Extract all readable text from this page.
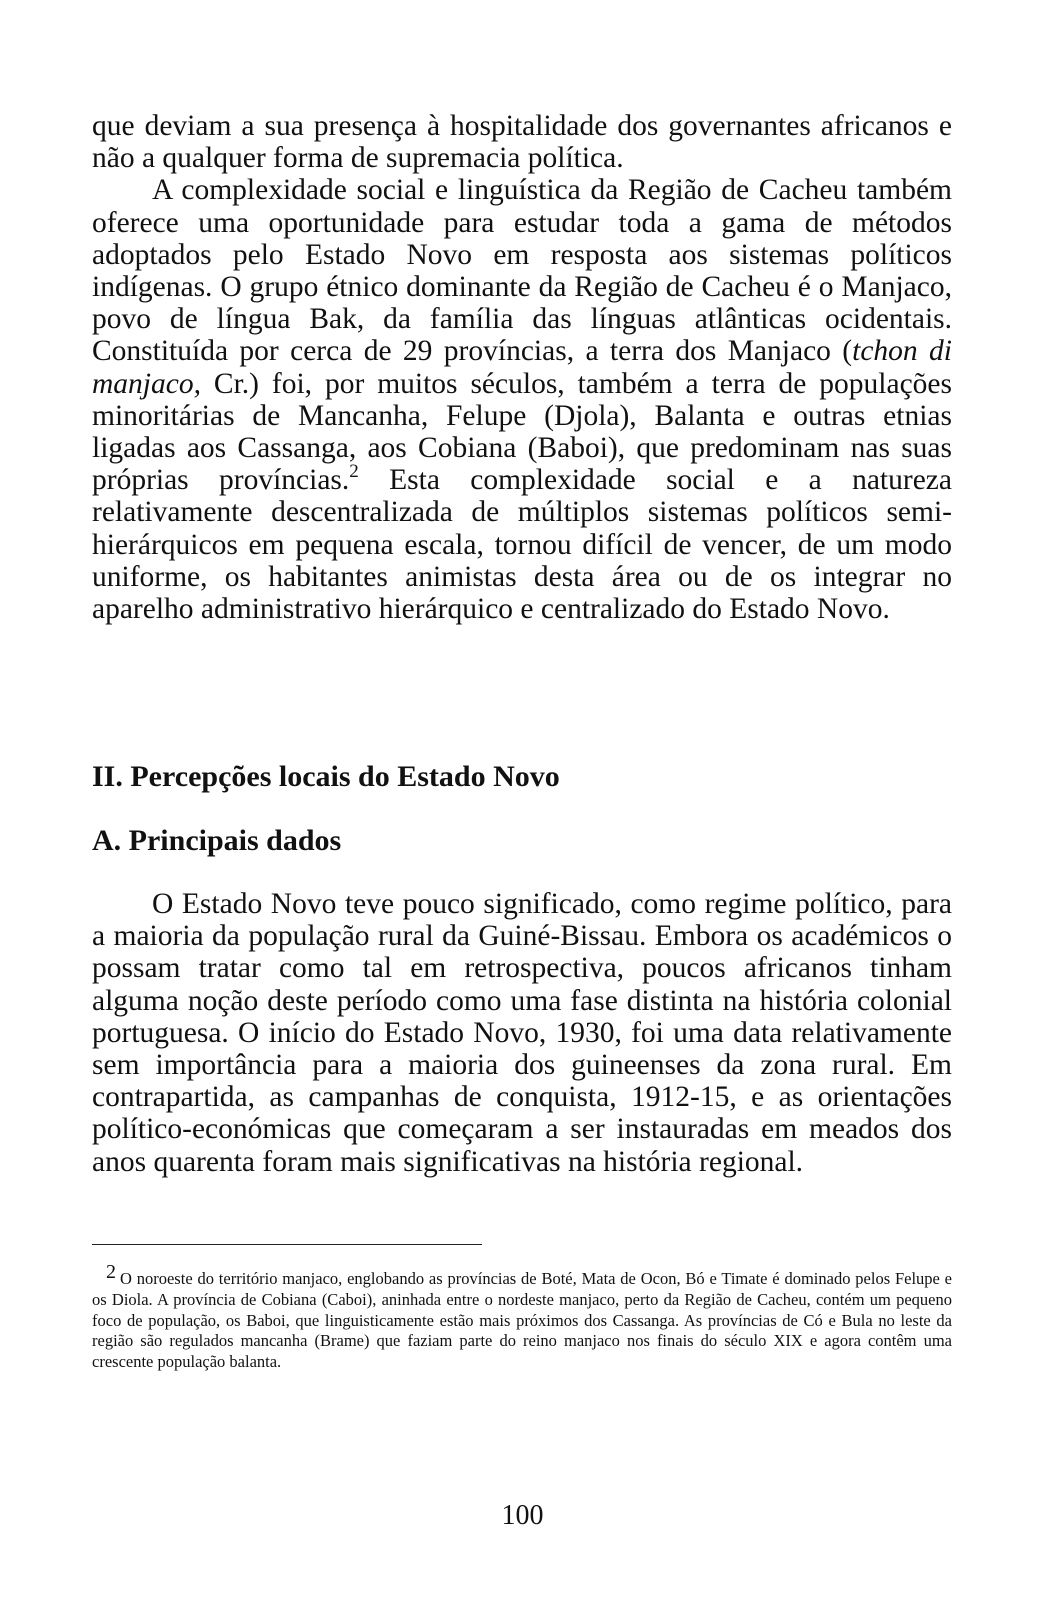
que deviam a sua presença à hospitalidade dos governantes africanos e não a qualquer forma de supremacia política.

A complexidade social e linguística da Região de Cacheu também oferece uma oportunidade para estudar toda a gama de métodos adoptados pelo Estado Novo em resposta aos sistemas políticos indígenas. O grupo étnico dominante da Região de Cacheu é o Manjaco, povo de língua Bak, da família das línguas atlânticas ocidentais. Constituída por cerca de 29 províncias, a terra dos Manjaco (tchon di manjaco, Cr.) foi, por muitos séculos, também a terra de populações minoritárias de Mancanha, Felupe (Djola), Balanta e outras etnias ligadas aos Cassanga, aos Cobiana (Baboi), que predominam nas suas próprias províncias.$^2$ Esta complexidade social e a natureza relativamente descentralizada de múltiplos sistemas políticos semi-hierárquicos em pequena escala, tornou difícil de vencer, de um modo uniforme, os habitantes animistas desta área ou de os integrar no aparelho administrativo hierárquico e centralizado do Estado Novo.

II. Percepções locais do Estado Novo
A. Principais dados

O Estado Novo teve pouco significado, como regime político, para a maioria da população rural da Guiné-Bissau. Embora os académicos o possam tratar como tal em retrospectiva, poucos africanos tinham alguma noção deste período como uma fase distinta na história colonial portuguesa. O início do Estado Novo, 1930, foi uma data relativamente sem importância para a maioria dos guineenses da zona rural. Em contrapartida, as campanhas de conquista, 1912-15, e as orientações político-económicas que começaram a ser instauradas em meados dos anos quarenta foram mais significativas na história regional.

2 O noroeste do território manjaco, englobando as províncias de Boté, Mata de Ocon, Bó e Timate é dominado pelos Felupe e os Diola. A província de Cobiana (Caboi), aninhada entre o nordeste manjaco, perto da Região de Cacheu, contém um pequeno foco de população, os Baboi, que linguisticamente estão mais próximos dos Cassanga. As províncias de Có e Bula no leste da região são regulados mancanha (Brame) que faziam parte do reino manjaco nos finais do século XIX e agora contêm uma crescente população balanta.

100
